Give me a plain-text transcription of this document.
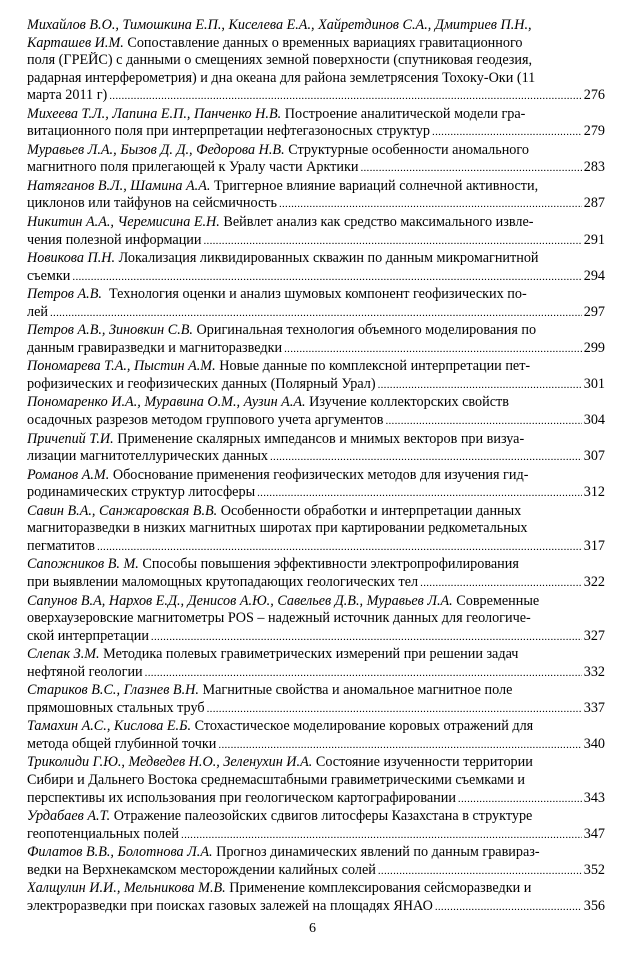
Михайлов В.О., Тимошкина Е.П., Киселева Е.А., Хайретдинов С.А., Дмитриев П.Н.,
Карташев И.М. Сопоставление данных о временных вариациях гравитационного
поля (ГРЕЙС) с данными о смещениях земной поверхности (спутниковая геодезия,
радарная интерферометрия) и дна океана для района землетрясения Тохоку-Оки (11
марта 2011 г) .....	276
Михеева Т.Л., Лапина Е.П., Панченко Н.В. Построение аналитической модели гра-
витационного поля при интерпретации нефтегазоносных структур .....	279
Муравьев Л.А., Бызов Д. Д., Федорова Н.В. Структурные особенности аномального
магнитного поля прилегающей к Уралу части Арктики .....	283
Натяганов В.Л., Шамина А.А. Триггерное влияние вариаций солнечной активности,
циклонов или тайфунов на сейсмичность .....	287
Никитин А.А., Черемисина Е.Н. Вейвлет анализ как средство максимального извле-
чения полезной информации .....	291
Новикова П.Н. Локализация ликвидированных скважин по данным микромагнитной
съемки .....	294
Петров А.В.  Технология оценки и анализ шумовых компонент геофизических по-
лей .....	297
Петров А.В., Зиновкин С.В. Оригинальная технология объемного моделирования по
данным гравиразведки и магниторазведки .....	299
Пономарева Т.А., Пыстин А.М. Новые данные по комплексной интерпретации пет-
рофизических и геофизических данных (Полярный Урал) .....	301
Пономаренко И.А., Муравина О.М., Аузин А.А. Изучение коллекторских свойств
осадочных разрезов методом группового учета аргументов .....	304
Причепий Т.И. Применение скалярных импедансов и мнимых векторов при визуа-
лизации магнитотеллурических данных .....	307
Романов А.М. Обоснование применения геофизических методов для изучения гид-
родинамических структур литосферы .....	312
Савин В.А., Санжаровская В.В. Особенности обработки и интерпретации данных
магниторазведки в низких магнитных широтах при картировании редкометальных
пегматитов .....	317
Сапожников В. М. Способы повышения эффективности электропрофилирования
при выявлении маломощных крутопадающих геологических тел .....	322
Сапунов В.А, Нархов Е.Д., Денисов А.Ю., Савельев Д.В., Муравьев Л.А. Современные
оверхаузеровские магнитометры POS – надежный источник данных для геологиче-
ской интерпретации .....	327
Слепак З.М. Методика полевых гравиметрических измерений при решении задач
нефтяной геологии .....	332
Стариков В.С., Глазнев В.Н. Магнитные свойства и аномальное магнитное поле
прямошовных стальных труб .....	337
Тамахин А.С., Кислова Е.Б. Стохастическое моделирование коровых отражений для
метода общей глубинной точки .....	340
Триколиди Г.Ю., Медведев Н.О., Зеленухин И.А. Состояние изученности территории
Сибири и Дальнего Востока среднемасштабными гравиметрическими съемками и
перспективы их использования при геологическом картографировании .....	343
Урдабаев А.Т. Отражение палеозойских сдвигов литосферы Казахстана в структуре
геопотенциальных полей .....	347
Филатов В.В., Болотнова Л.А. Прогноз динамических явлений по данным гравираз-
ведки на Верхнекамском месторождении калийных солей .....	352
Халщулин И.И., Мельникова М.В. Применение комплексирования сейсморазведки и
электроразведки при поисках газовых залежей на площадях ЯНАО .....	356
6
